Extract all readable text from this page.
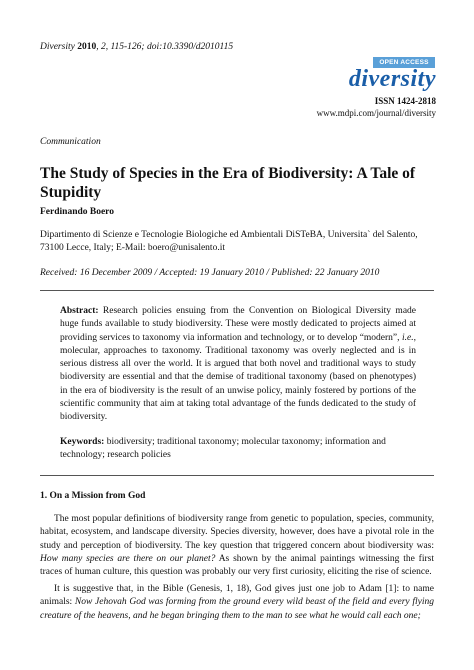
Diversity 2010, 2, 115-126; doi:10.3390/d2010115
OPEN ACCESS
diversity
ISSN 1424-2818
www.mdpi.com/journal/diversity
Communication
The Study of Species in the Era of Biodiversity: A Tale of Stupidity
Ferdinando Boero
Dipartimento di Scienze e Tecnologie Biologiche ed Ambientali DiSTeBA, Universita` del Salento, 73100 Lecce, Italy; E-Mail: boero@unisalento.it
Received: 16 December 2009 / Accepted: 19 January 2010 / Published: 22 January 2010
Abstract: Research policies ensuing from the Convention on Biological Diversity made huge funds available to study biodiversity. These were mostly dedicated to projects aimed at providing services to taxonomy via information and technology, or to develop “modern”, i.e., molecular, approaches to taxonomy. Traditional taxonomy was overly neglected and is in serious distress all over the world. It is argued that both novel and traditional ways to study biodiversity are essential and that the demise of traditional taxonomy (based on phenotypes) in the era of biodiversity is the result of an unwise policy, mainly fostered by portions of the scientific community that aim at taking total advantage of the funds dedicated to the study of biodiversity.
Keywords: biodiversity; traditional taxonomy; molecular taxonomy; information and technology; research policies
1. On a Mission from God
The most popular definitions of biodiversity range from genetic to population, species, community, habitat, ecosystem, and landscape diversity. Species diversity, however, does have a pivotal role in the study and perception of biodiversity. The key question that triggered concern about biodiversity was: How many species are there on our planet? As shown by the animal paintings witnessing the first traces of human culture, this question was probably our very first curiosity, eliciting the rise of science.
It is suggestive that, in the Bible (Genesis, 1, 18), God gives just one job to Adam [1]: to name animals: Now Jehovah God was forming from the ground every wild beast of the field and every flying creature of the heavens, and he began bringing them to the man to see what he would call each one;
